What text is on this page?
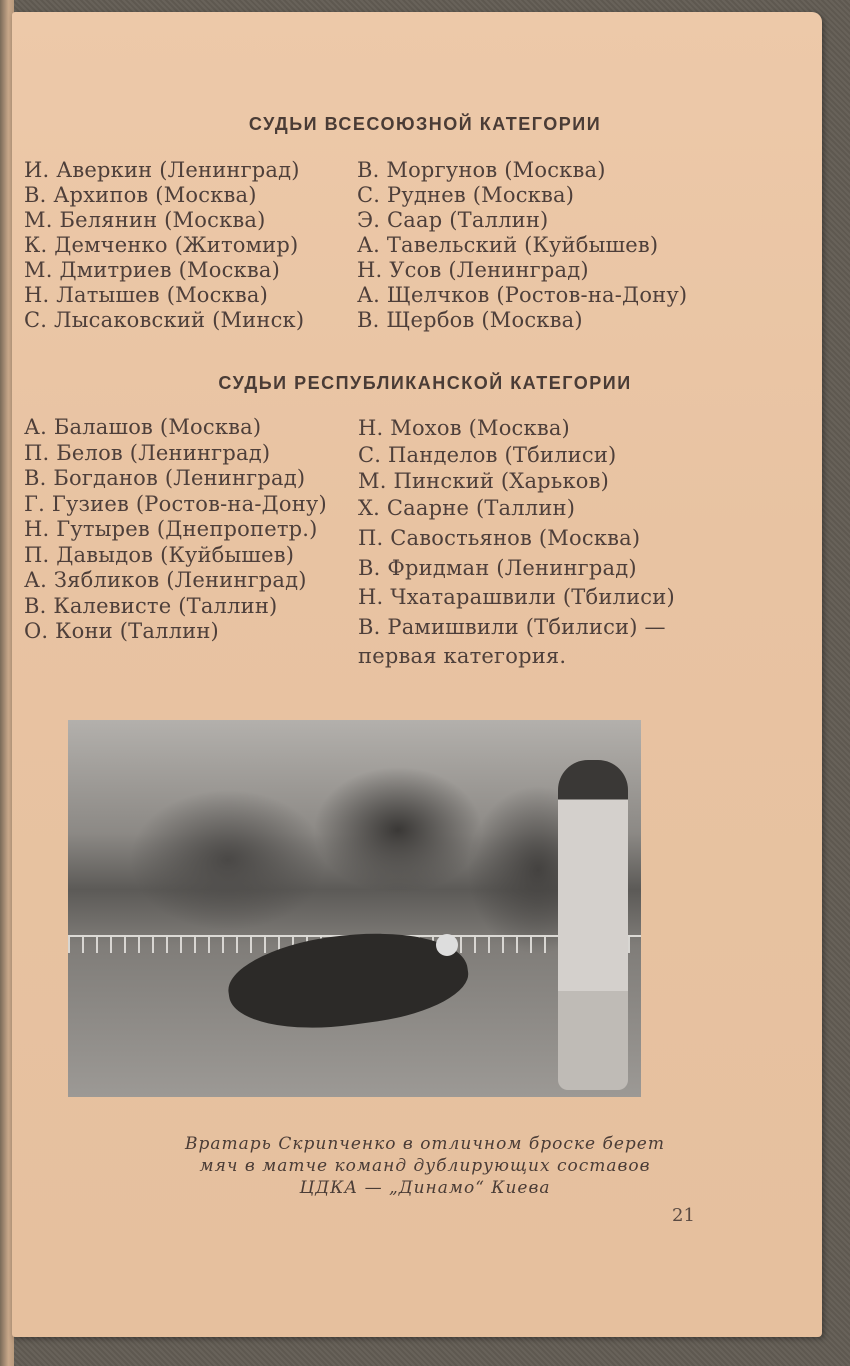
СУДЬИ ВСЕСОЮЗНОЙ КАТЕГОРИИ
И. Аверкин (Ленинград)
В. Архипов (Москва)
М. Белянин (Москва)
К. Демченко (Житомир)
М. Дмитриев (Москва)
Н. Латышев (Москва)
С. Лысаковский (Минск)
В. Моргунов (Москва)
С. Руднев (Москва)
Э. Саар (Таллин)
А. Тавельский (Куйбышев)
Н. Усов (Ленинград)
А. Щелчков (Ростов-на-Дону)
В. Щербов (Москва)
СУДЬИ РЕСПУБЛИКАНСКОЙ КАТЕГОРИИ
А. Балашов (Москва)
П. Белов (Ленинград)
В. Богданов (Ленинград)
Г. Гузиев (Ростов-на-Дону)
Н. Гутырев (Днепропетр.)
П. Давыдов (Куйбышев)
А. Зябликов (Ленинград)
В. Калевисте (Таллин)
О. Кони (Таллин)
Н. Мохов (Москва)
С. Панделов (Тбилиси)
М. Пинский (Харьков)
Х. Саарне (Таллин)
П. Савостьянов (Москва)
В. Фридман (Ленинград)
Н. Чхатарашвили (Тбилиси)
В. Рамишвили (Тбилиси) —
первая категория.
Вратарь Скрипченко в отличном броске берет
мяч в матче команд дублирующих составов
ЦДКА — „Динамо“ Киева
21
